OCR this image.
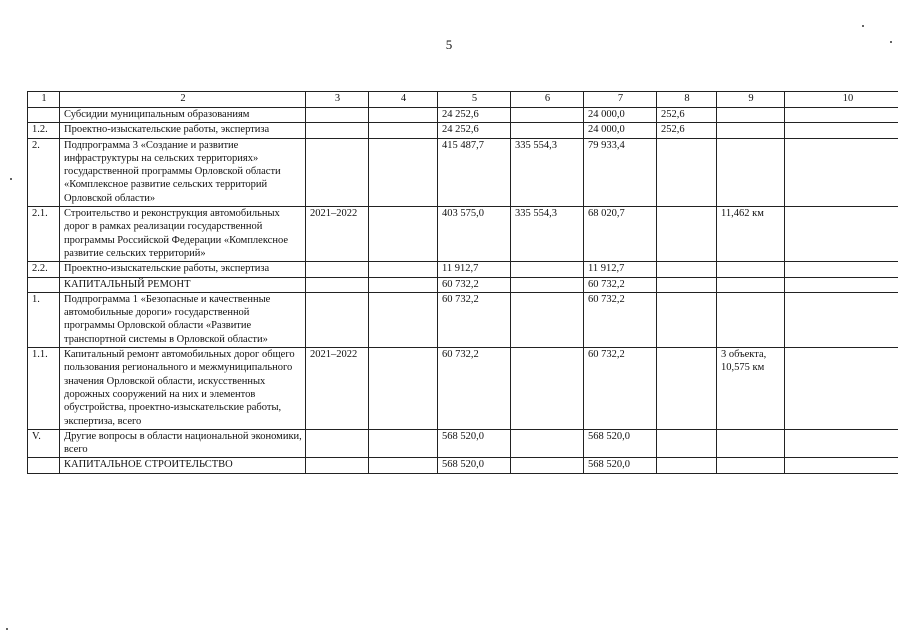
5
1	2	3	4	5	6	7	8	9	10
	Субсидии муниципальным образованиям			24 252,6		24 000,0	252,6		
1.2.	Проектно-изыскательские работы, экспертиза			24 252,6		24 000,0	252,6		
2.	Подпрограмма 3 «Создание и развитие инфраструктуры на сельских территориях» государственной программы Орловской области «Комплексное развитие сельских территорий Орловской области»			415 487,7	335 554,3	79 933,4			
2.1.	Строительство и реконструкция автомобильных дорог в рамках реализации государственной программы Российской Федерации «Комплексное развитие сельских территорий»	2021–2022		403 575,0	335 554,3	68 020,7		11,462 км	
2.2.	Проектно-изыскательские работы, экспертиза			11 912,7		11 912,7			
	КАПИТАЛЬНЫЙ РЕМОНТ			60 732,2		60 732,2			
1.	Подпрограмма 1 «Безопасные и качественные автомобильные дороги» государственной программы Орловской области «Развитие транспортной системы в Орловской области»			60 732,2		60 732,2			
1.1.	Капитальный ремонт автомобильных дорог общего пользования регионального и межмуниципального значения Орловской области, искусственных дорожных сооружений на них и элементов обустройства, проектно-изыскательские работы, экспертиза, всего	2021–2022		60 732,2		60 732,2		3 объекта, 10,575 км	
V.	Другие вопросы в области национальной экономики, всего			568 520,0		568 520,0			
	КАПИТАЛЬНОЕ СТРОИТЕЛЬСТВО			568 520,0		568 520,0			
